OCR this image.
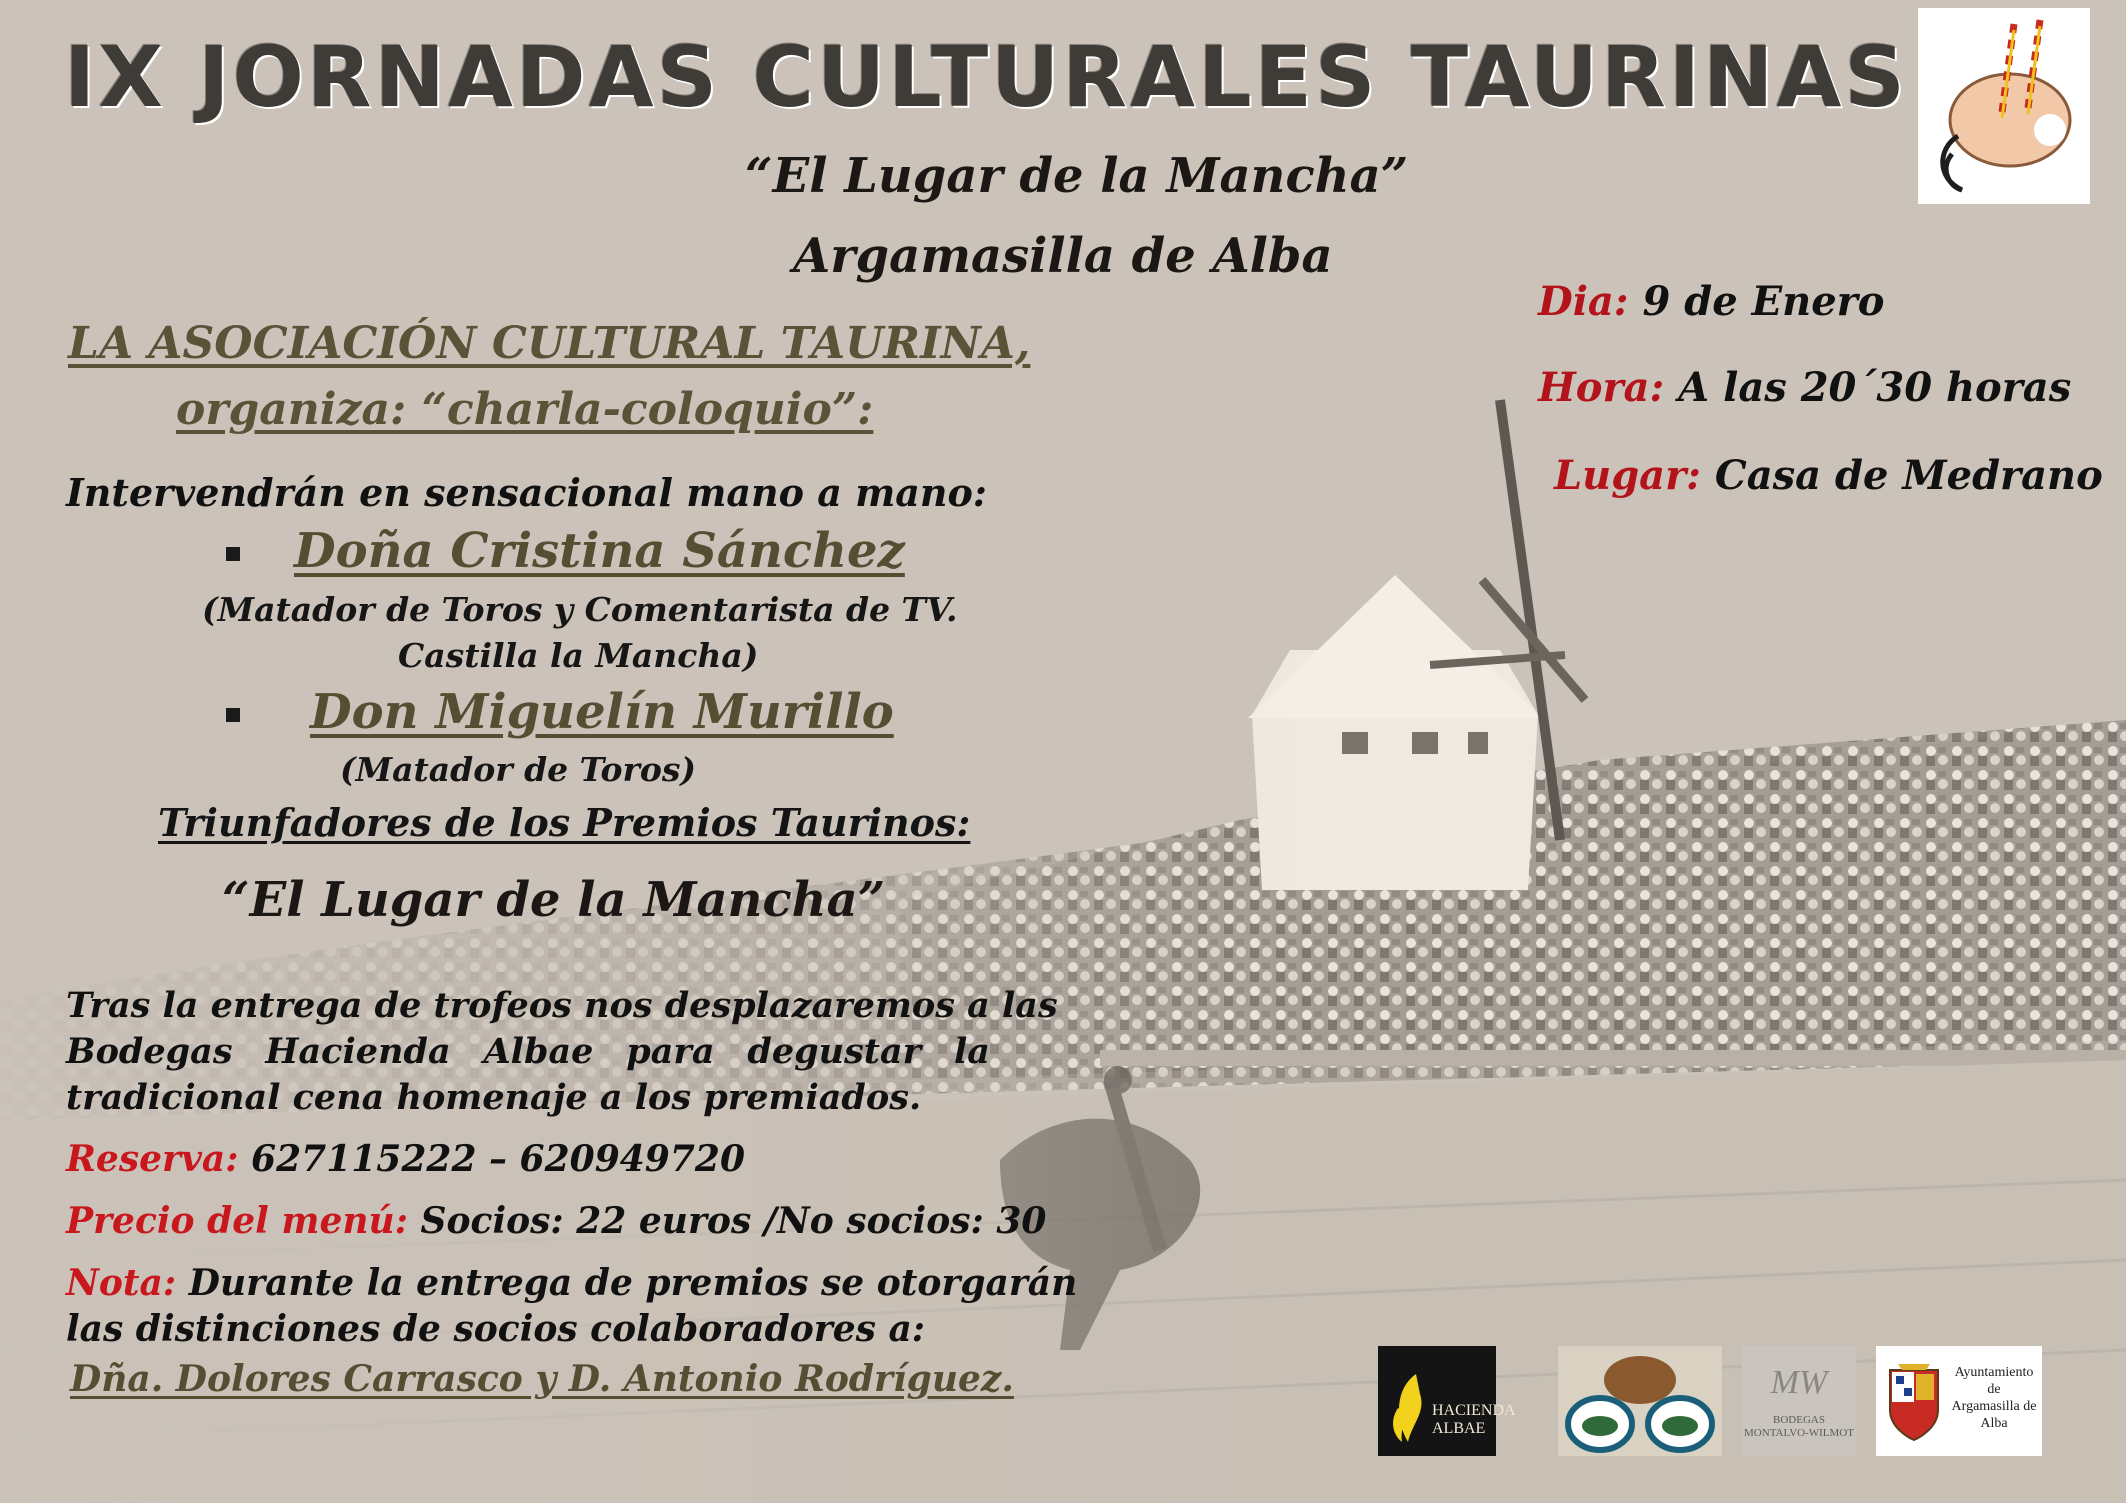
IX JORNADAS CULTURALES TAURINAS

“El Lugar de la Mancha”

Argamasilla de Alba

LA ASOCIACIÓN CULTURAL TAURINA,

organiza: “charla-coloquio”:

Intervendrán en sensacional mano a mano:

Doña Cristina Sánchez

(Matador de Toros y Comentarista de TV.

Castilla la Mancha)

Don Miguelín Murillo

(Matador de Toros)

Triunfadores de los Premios Taurinos:

“El Lugar de la Mancha”

Tras la entrega de trofeos nos desplazaremos a las

Bodegas Hacienda Albae para degustar la

tradicional cena homenaje a los premiados.

Reserva: 627115222 – 620949720

Precio del menú: Socios: 22 euros /No socios: 30

Nota: Durante la entrega de premios se otorgarán

las distinciones de socios colaboradores a:

Dña. Dolores Carrasco y D. Antonio Rodríguez.

Dia: 9 de Enero

Hora: A las 20´30 horas

Lugar: Casa de Medrano

HACIENDA
ALBAE
MW
BODEGAS
MONTALVO-WILMOT
Ayuntamiento
de
Argamasilla de Alba
